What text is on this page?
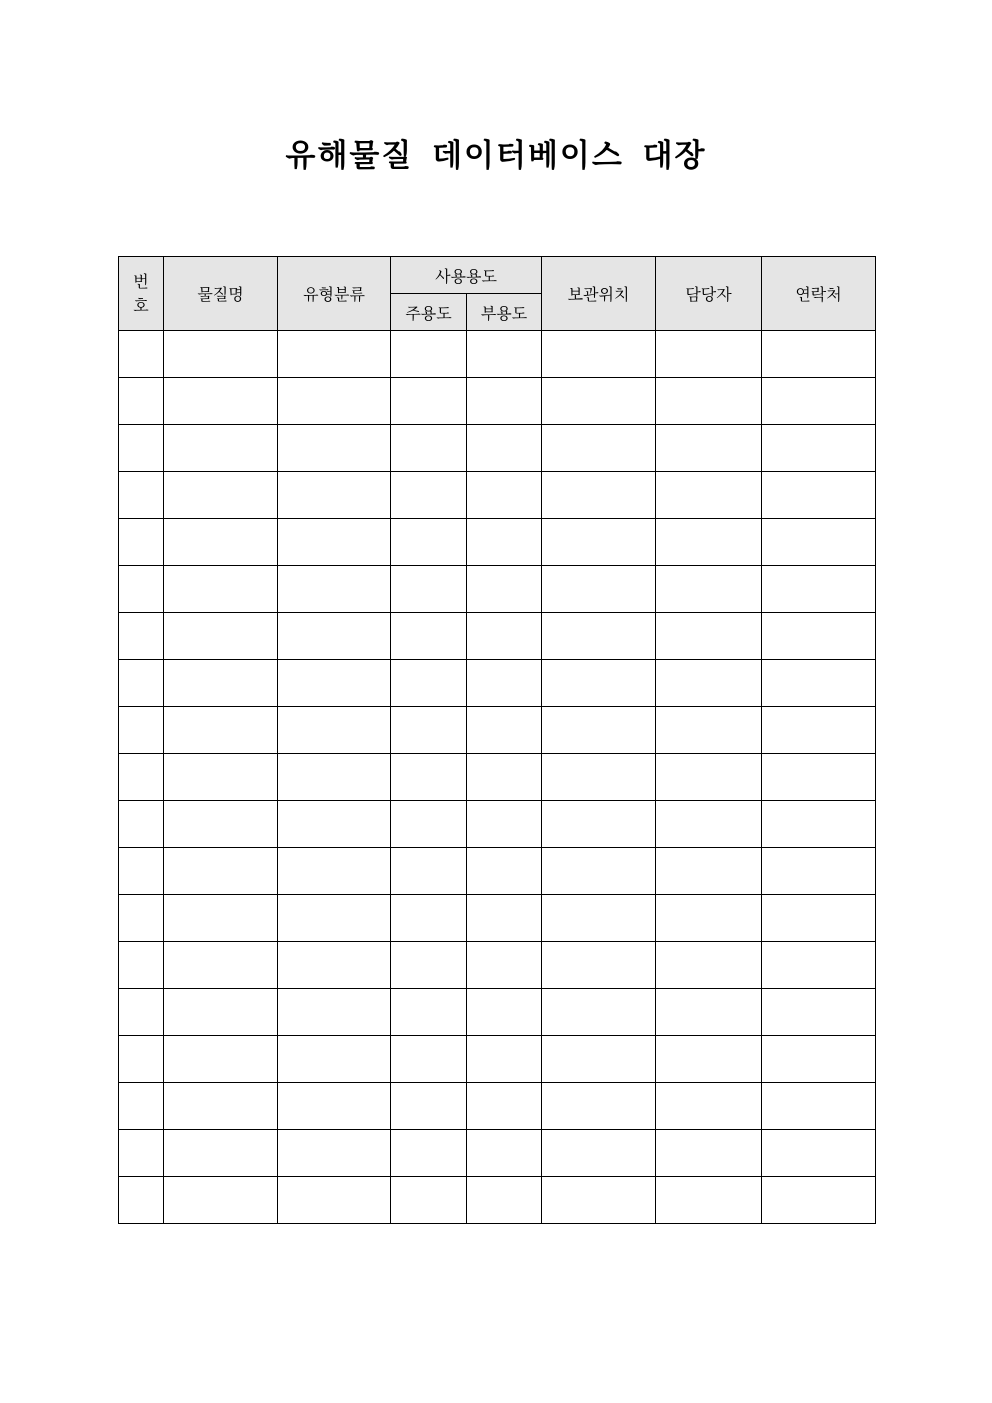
유해물질 데이터베이스 대장
번호	물질명	유형분류	사용용도		보관위치	담당자	연락처
			주용도	부용도			
